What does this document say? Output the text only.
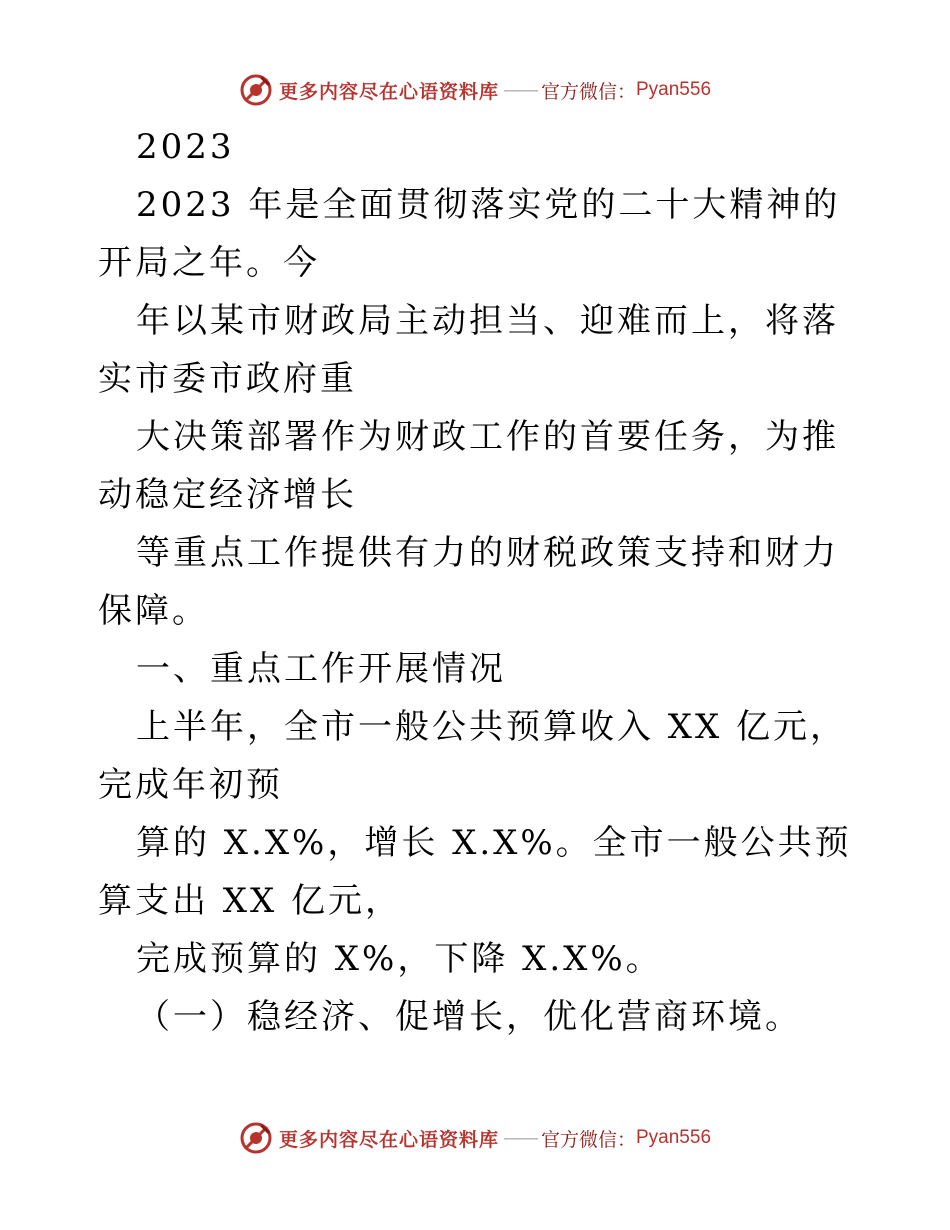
更多内容尽在心语资料库 —— 官方微信： Pyan556

2023

2023 年是全面贯彻落实党的二十大精神的开局之年。今

年以某市财政局主动担当、迎难而上，将落实市委市政府重

大决策部署作为财政工作的首要任务，为推动稳定经济增长

等重点工作提供有力的财税政策支持和财力保障。

一、重点工作开展情况

上半年，全市一般公共预算收入 XX 亿元，完成年初预

算的 X.X%，增长 X.X%。全市一般公共预算支出 XX 亿元，

完成预算的 X%，下降 X.X%。

（一）稳经济、促增长，优化营商环境。

更多内容尽在心语资料库 —— 官方微信： Pyan556
